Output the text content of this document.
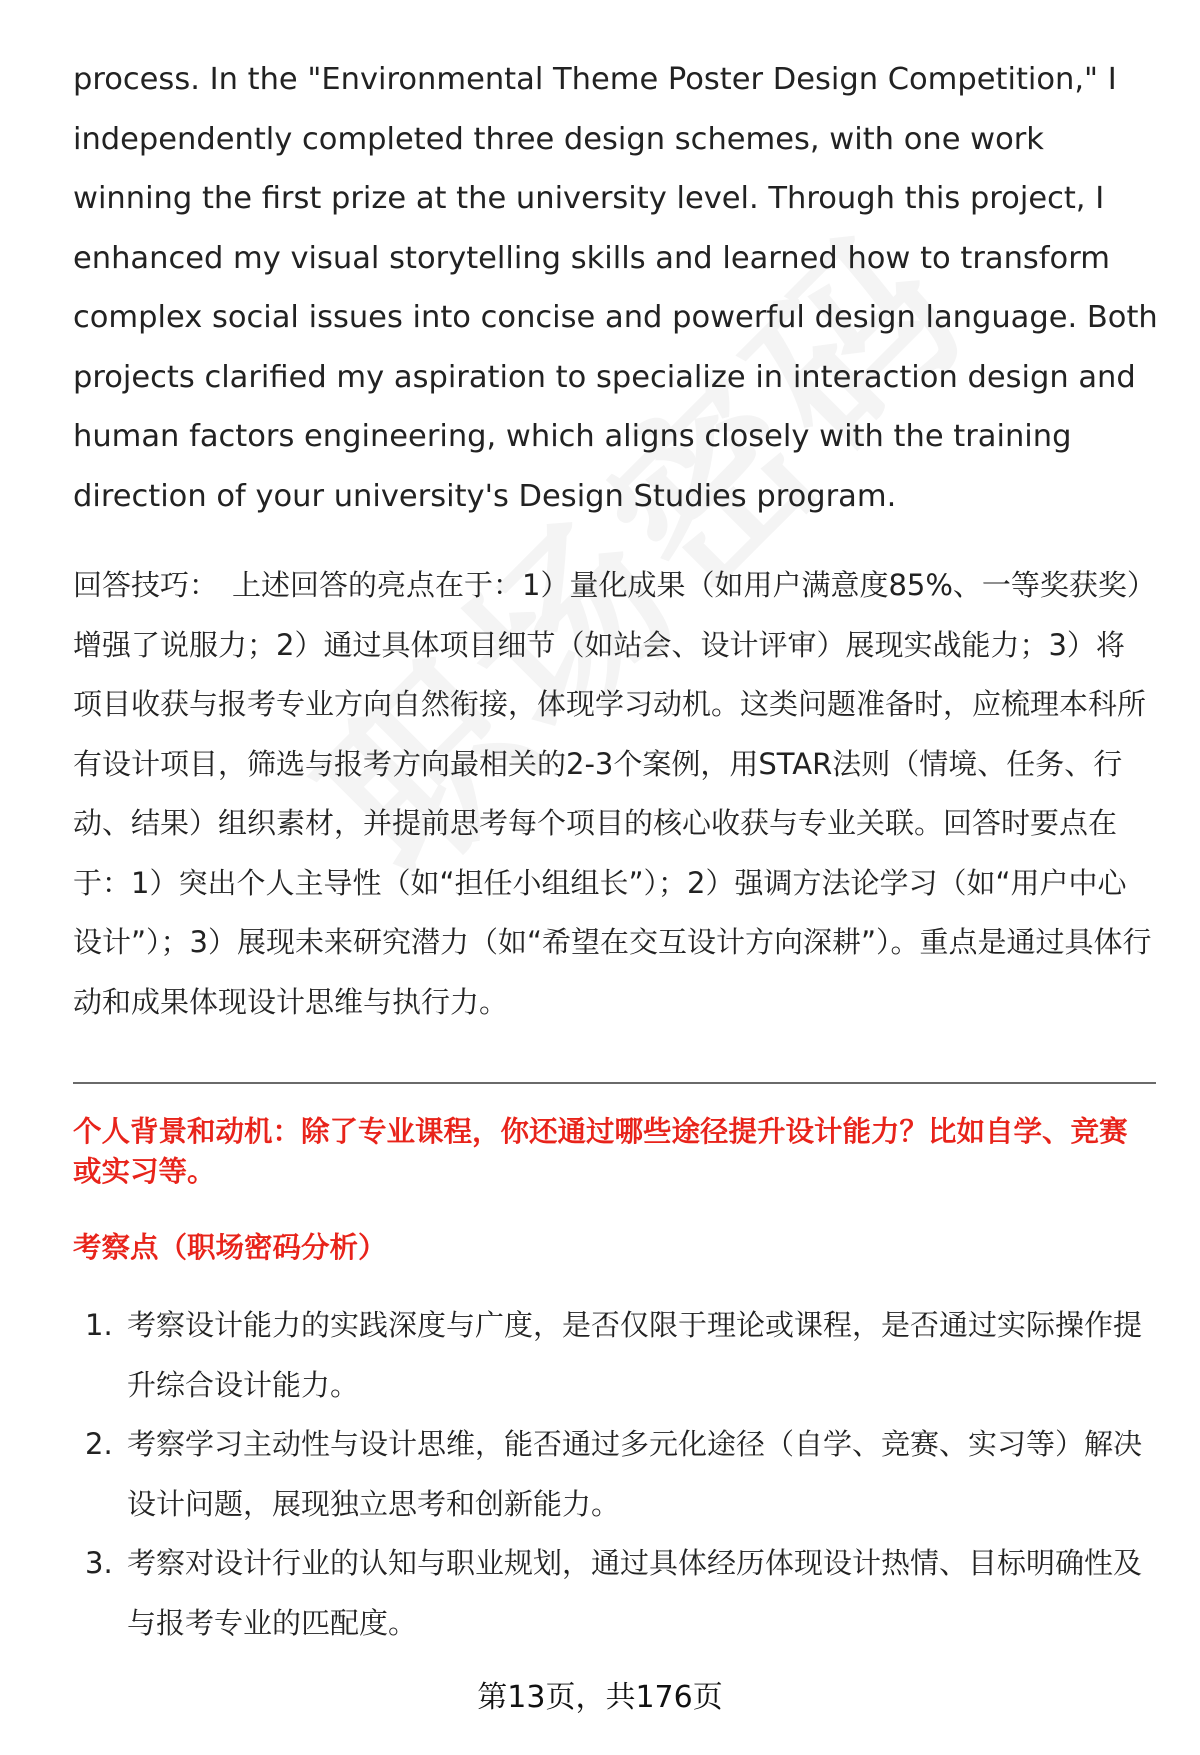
process. In the "Environmental Theme Poster Design Competition," I independently completed three design schemes, with one work winning the first prize at the university level. Through this project, I enhanced my visual storytelling skills and learned how to transform complex social issues into concise and powerful design language. Both projects clarified my aspiration to specialize in interaction design and human factors engineering, which aligns closely with the training direction of your university's Design Studies program.
回答技巧： 上述回答的亮点在于：1）量化成果（如用户满意度85%、一等奖获奖）增强了说服力；2）通过具体项目细节（如站会、设计评审）展现实战能力；3）将项目收获与报考专业方向自然衔接，体现学习动机。这类问题准备时，应梳理本科所有设计项目，筛选与报考方向最相关的2-3个案例，用STAR法则（情境、任务、行动、结果）组织素材，并提前思考每个项目的核心收获与专业关联。回答时要点在于：1）突出个人主导性（如“担任小组组长”）；2）强调方法论学习（如“用户中心设计”）；3）展现未来研究潜力（如“希望在交互设计方向深耕”）。重点是通过具体行动和成果体现设计思维与执行力。
个人背景和动机：除了专业课程，你还通过哪些途径提升设计能力？比如自学、竞赛或实习等。
考察点（职场密码分析）
1. 考察设计能力的实践深度与广度，是否仅限于理论或课程，是否通过实际操作提升综合设计能力。
2. 考察学习主动性与设计思维，能否通过多元化途径（自学、竞赛、实习等）解决设计问题，展现独立思考和创新能力。
3. 考察对设计行业的认知与职业规划，通过具体经历体现设计热情、目标明确性及与报考专业的匹配度。
第13页，共176页
